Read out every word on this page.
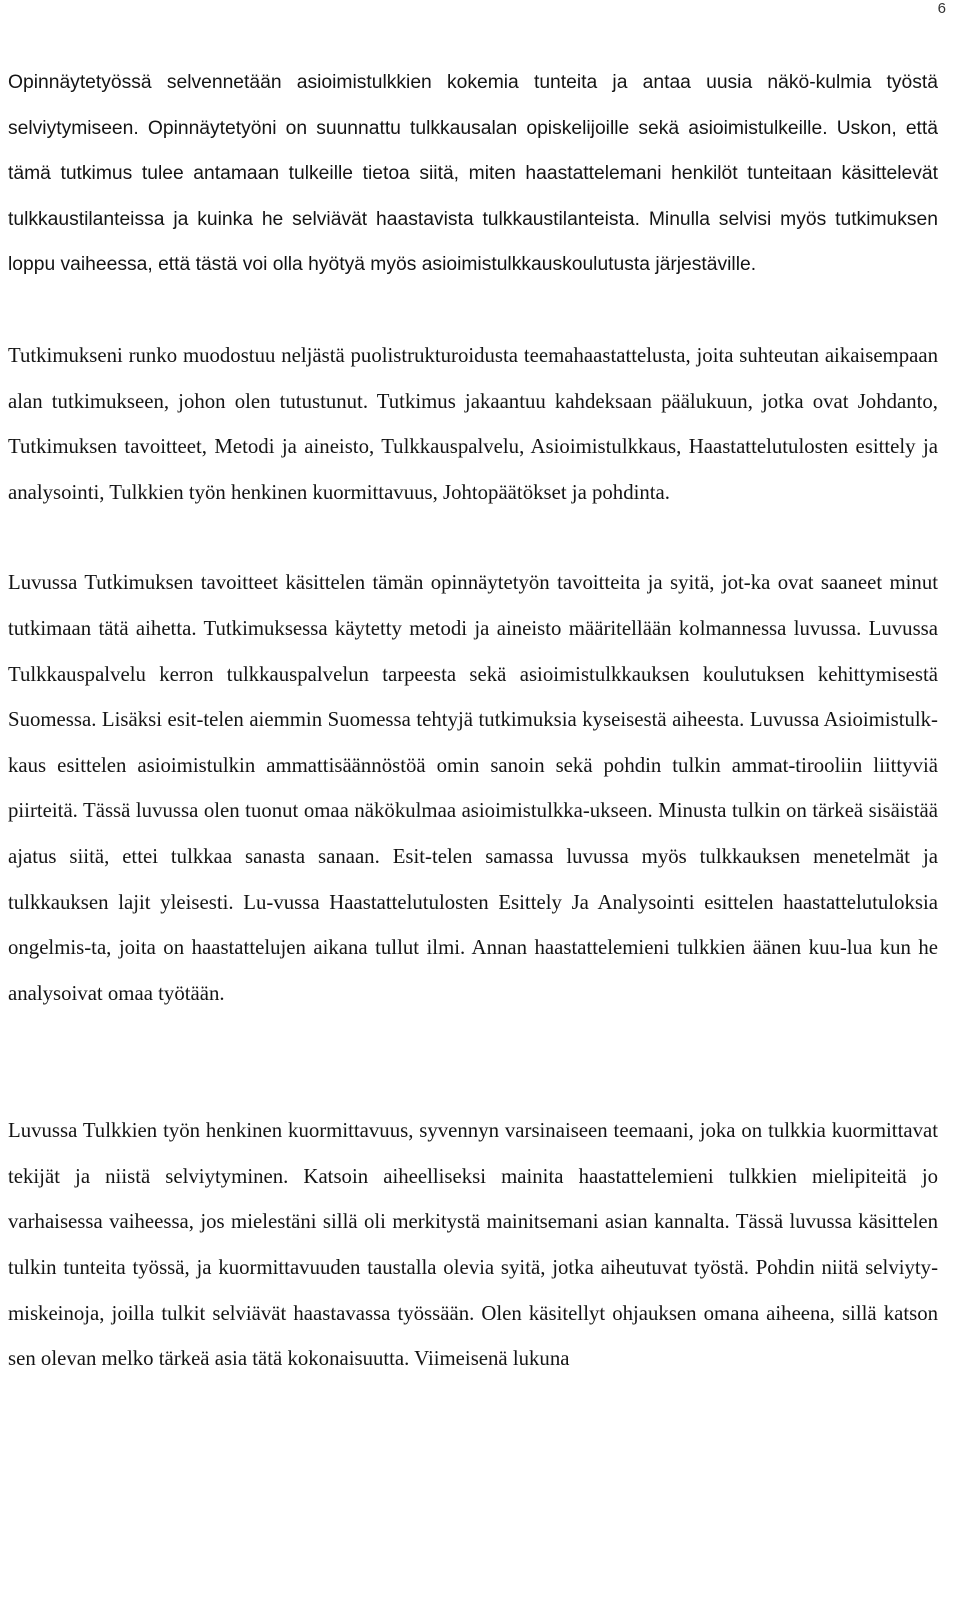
6

Opinnäytetyössä selvennetään asioimistulkkien kokemia tunteita ja antaa uusia näkö-kulmia työstä selviytymiseen. Opinnäytetyöni on suunnattu tulkkausalan opiskelijoille sekä asioimistulkeille. Uskon, että tämä tutkimus tulee antamaan tulkeille tietoa siitä, miten haastattelemani henkilöt tunteitaan käsittelevät tulkkaustilanteissa ja kuinka he selviävät haastavista tulkkaustilanteista. Minulla selvisi myös tutkimuksen loppu vaiheessa, että tästä voi olla hyötyä myös asioimistulkkauskoulutusta järjestäville.

Tutkimukseni runko muodostuu neljästä puolistrukturoidusta teemahaastattelusta, joita suhteutan aikaisempaan alan tutkimukseen, johon olen tutustunut. Tutkimus jakaantuu kahdeksaan päälukuun, jotka ovat Johdanto, Tutkimuksen tavoitteet, Metodi ja aineisto, Tulkkauspalvelu, Asioimistulkkaus, Haastattelutulosten esittely ja analysointi, Tulkkien työn henkinen kuormittavuus, Johtopäätökset ja pohdinta.

Luvussa Tutkimuksen tavoitteet käsittelen tämän opinnäytetyön tavoitteita ja syitä, jot-ka ovat saaneet minut tutkimaan tätä aihetta. Tutkimuksessa käytetty metodi ja aineisto määritellään kolmannessa luvussa. Luvussa Tulkkauspalvelu kerron tulkkauspalvelun tarpeesta sekä asioimistulkkauksen koulutuksen kehittymisestä Suomessa. Lisäksi esit-telen aiemmin Suomessa tehtyjä tutkimuksia kyseisestä aiheesta. Luvussa Asioimistulk-kaus esittelen asioimistulkin ammattisäännöstöä omin sanoin sekä pohdin tulkin ammat-tirooliin liittyviä piirteitä. Tässä luvussa olen tuonut omaa näkökulmaa asioimistulkka-ukseen. Minusta tulkin on tärkeä sisäistää ajatus siitä, ettei tulkkaa sanasta sanaan. Esit-telen samassa luvussa myös tulkkauksen menetelmät ja tulkkauksen lajit yleisesti. Lu-vussa Haastattelutulosten Esittely Ja Analysointi esittelen haastattelutuloksia ongelmis-ta, joita on haastattelujen aikana tullut ilmi. Annan haastattelemieni tulkkien äänen kuu-lua kun he analysoivat omaa työtään.

Luvussa Tulkkien työn henkinen kuormittavuus, syvennyn varsinaiseen teemaani, joka on tulkkia kuormittavat tekijät ja niistä selviytyminen. Katsoin aiheelliseksi mainita haastattelemieni tulkkien mielipiteitä jo varhaisessa vaiheessa, jos mielestäni sillä oli merkitystä mainitsemani asian kannalta. Tässä luvussa käsittelen tulkin tunteita työssä, ja kuormittavuuden taustalla olevia syitä, jotka aiheutuvat työstä. Pohdin niitä selviyty-miskeinoja, joilla tulkit selviävät haastavassa työssään. Olen käsitellyt ohjauksen omana aiheena, sillä katson sen olevan melko tärkeä asia tätä kokonaisuutta. Viimeisenä lukuna
